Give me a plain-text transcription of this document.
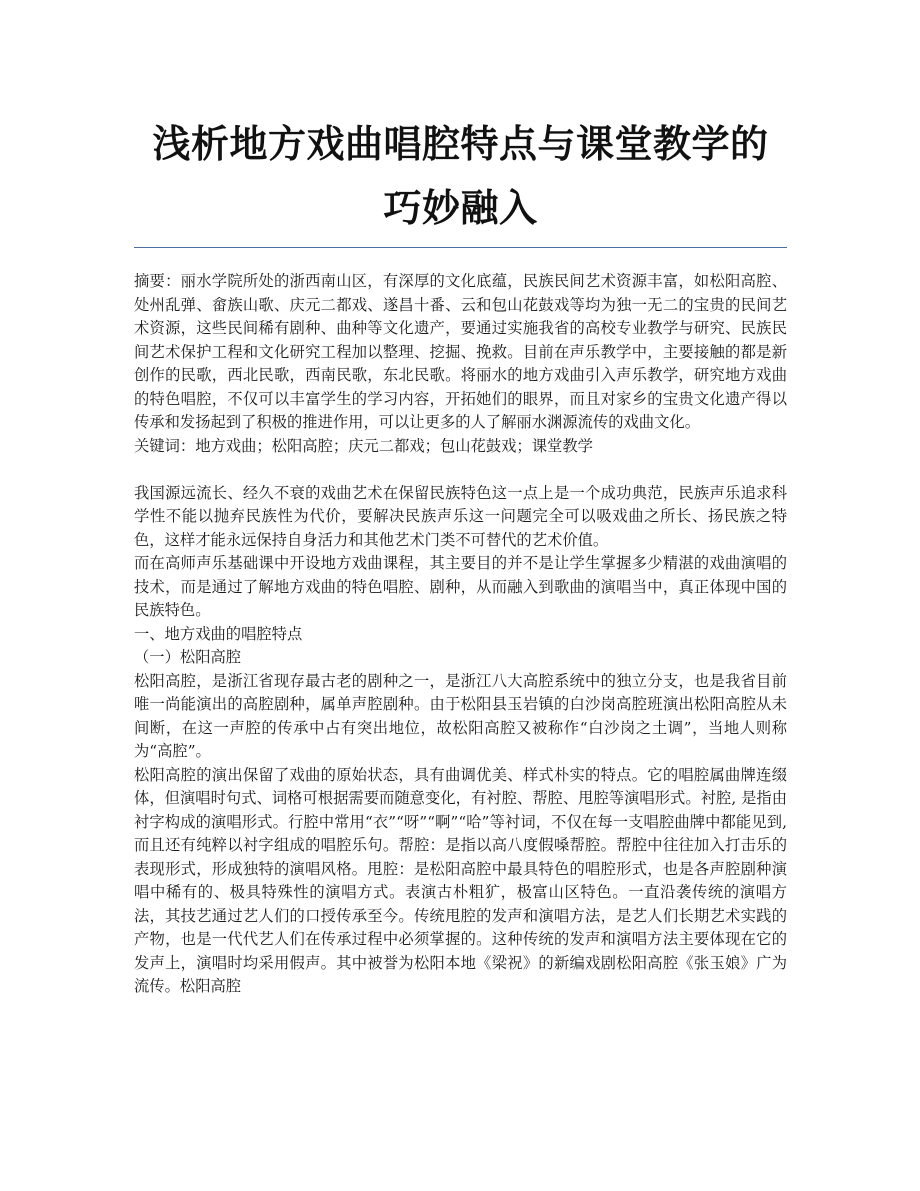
浅析地方戏曲唱腔特点与课堂教学的
巧妙融入

摘要：丽水学院所处的浙西南山区，有深厚的文化底蕴，民族民间艺术资源丰富，如松阳高腔、处州乱弹、畲族山歌、庆元二都戏、遂昌十番、云和包山花鼓戏等均为独一无二的宝贵的民间艺术资源，这些民间稀有剧种、曲种等文化遗产，要通过实施我省的高校专业教学与研究、民族民间艺术保护工程和文化研究工程加以整理、挖掘、挽救。目前在声乐教学中，主要接触的都是新创作的民歌，西北民歌，西南民歌，东北民歌。将丽水的地方戏曲引入声乐教学，研究地方戏曲的特色唱腔，不仅可以丰富学生的学习内容，开拓她们的眼界，而且对家乡的宝贵文化遗产得以传承和发扬起到了积极的推进作用，可以让更多的人了解丽水渊源流传的戏曲文化。

关键词：地方戏曲；松阳高腔；庆元二都戏；包山花鼓戏；课堂教学

我国源远流长、经久不衰的戏曲艺术在保留民族特色这一点上是一个成功典范，民族声乐追求科学性不能以抛弃民族性为代价，要解决民族声乐这一问题完全可以吸戏曲之所长、扬民族之特色，这样才能永远保持自身活力和其他艺术门类不可替代的艺术价值。

而在高师声乐基础课中开设地方戏曲课程，其主要目的并不是让学生掌握多少精湛的戏曲演唱的技术，而是通过了解地方戏曲的特色唱腔、剧种，从而融入到歌曲的演唱当中，真正体现中国的民族特色。

一、地方戏曲的唱腔特点

（一）松阳高腔

松阳高腔，是浙江省现存最古老的剧种之一，是浙江八大高腔系统中的独立分支，也是我省目前唯一尚能演出的高腔剧种，属单声腔剧种。由于松阳县玉岩镇的白沙岗高腔班演出松阳高腔从未间断，在这一声腔的传承中占有突出地位，故松阳高腔又被称作“白沙岗之土调”，当地人则称为“高腔”。

松阳高腔的演出保留了戏曲的原始状态，具有曲调优美、样式朴实的特点。它的唱腔属曲牌连缀体，但演唱时句式、词格可根据需要而随意变化，有衬腔、帮腔、甩腔等演唱形式。衬腔, 是指由衬字构成的演唱形式。行腔中常用“衣”“呀”“啊”“哈”等衬词，不仅在每一支唱腔曲牌中都能见到, 而且还有纯粹以衬字组成的唱腔乐句。帮腔：是指以高八度假嗓帮腔。帮腔中往往加入打击乐的表现形式，形成独特的演唱风格。甩腔：是松阳高腔中最具特色的唱腔形式，也是各声腔剧种演唱中稀有的、极具特殊性的演唱方式。表演古朴粗犷，极富山区特色。一直沿袭传统的演唱方法，其技艺通过艺人们的口授传承至今。传统甩腔的发声和演唱方法，是艺人们长期艺术实践的产物，也是一代代艺人们在传承过程中必须掌握的。这种传统的发声和演唱方法主要体现在它的发声上，演唱时均采用假声。其中被誉为松阳本地《梁祝》的新编戏剧松阳高腔《张玉娘》广为流传。松阳高腔
